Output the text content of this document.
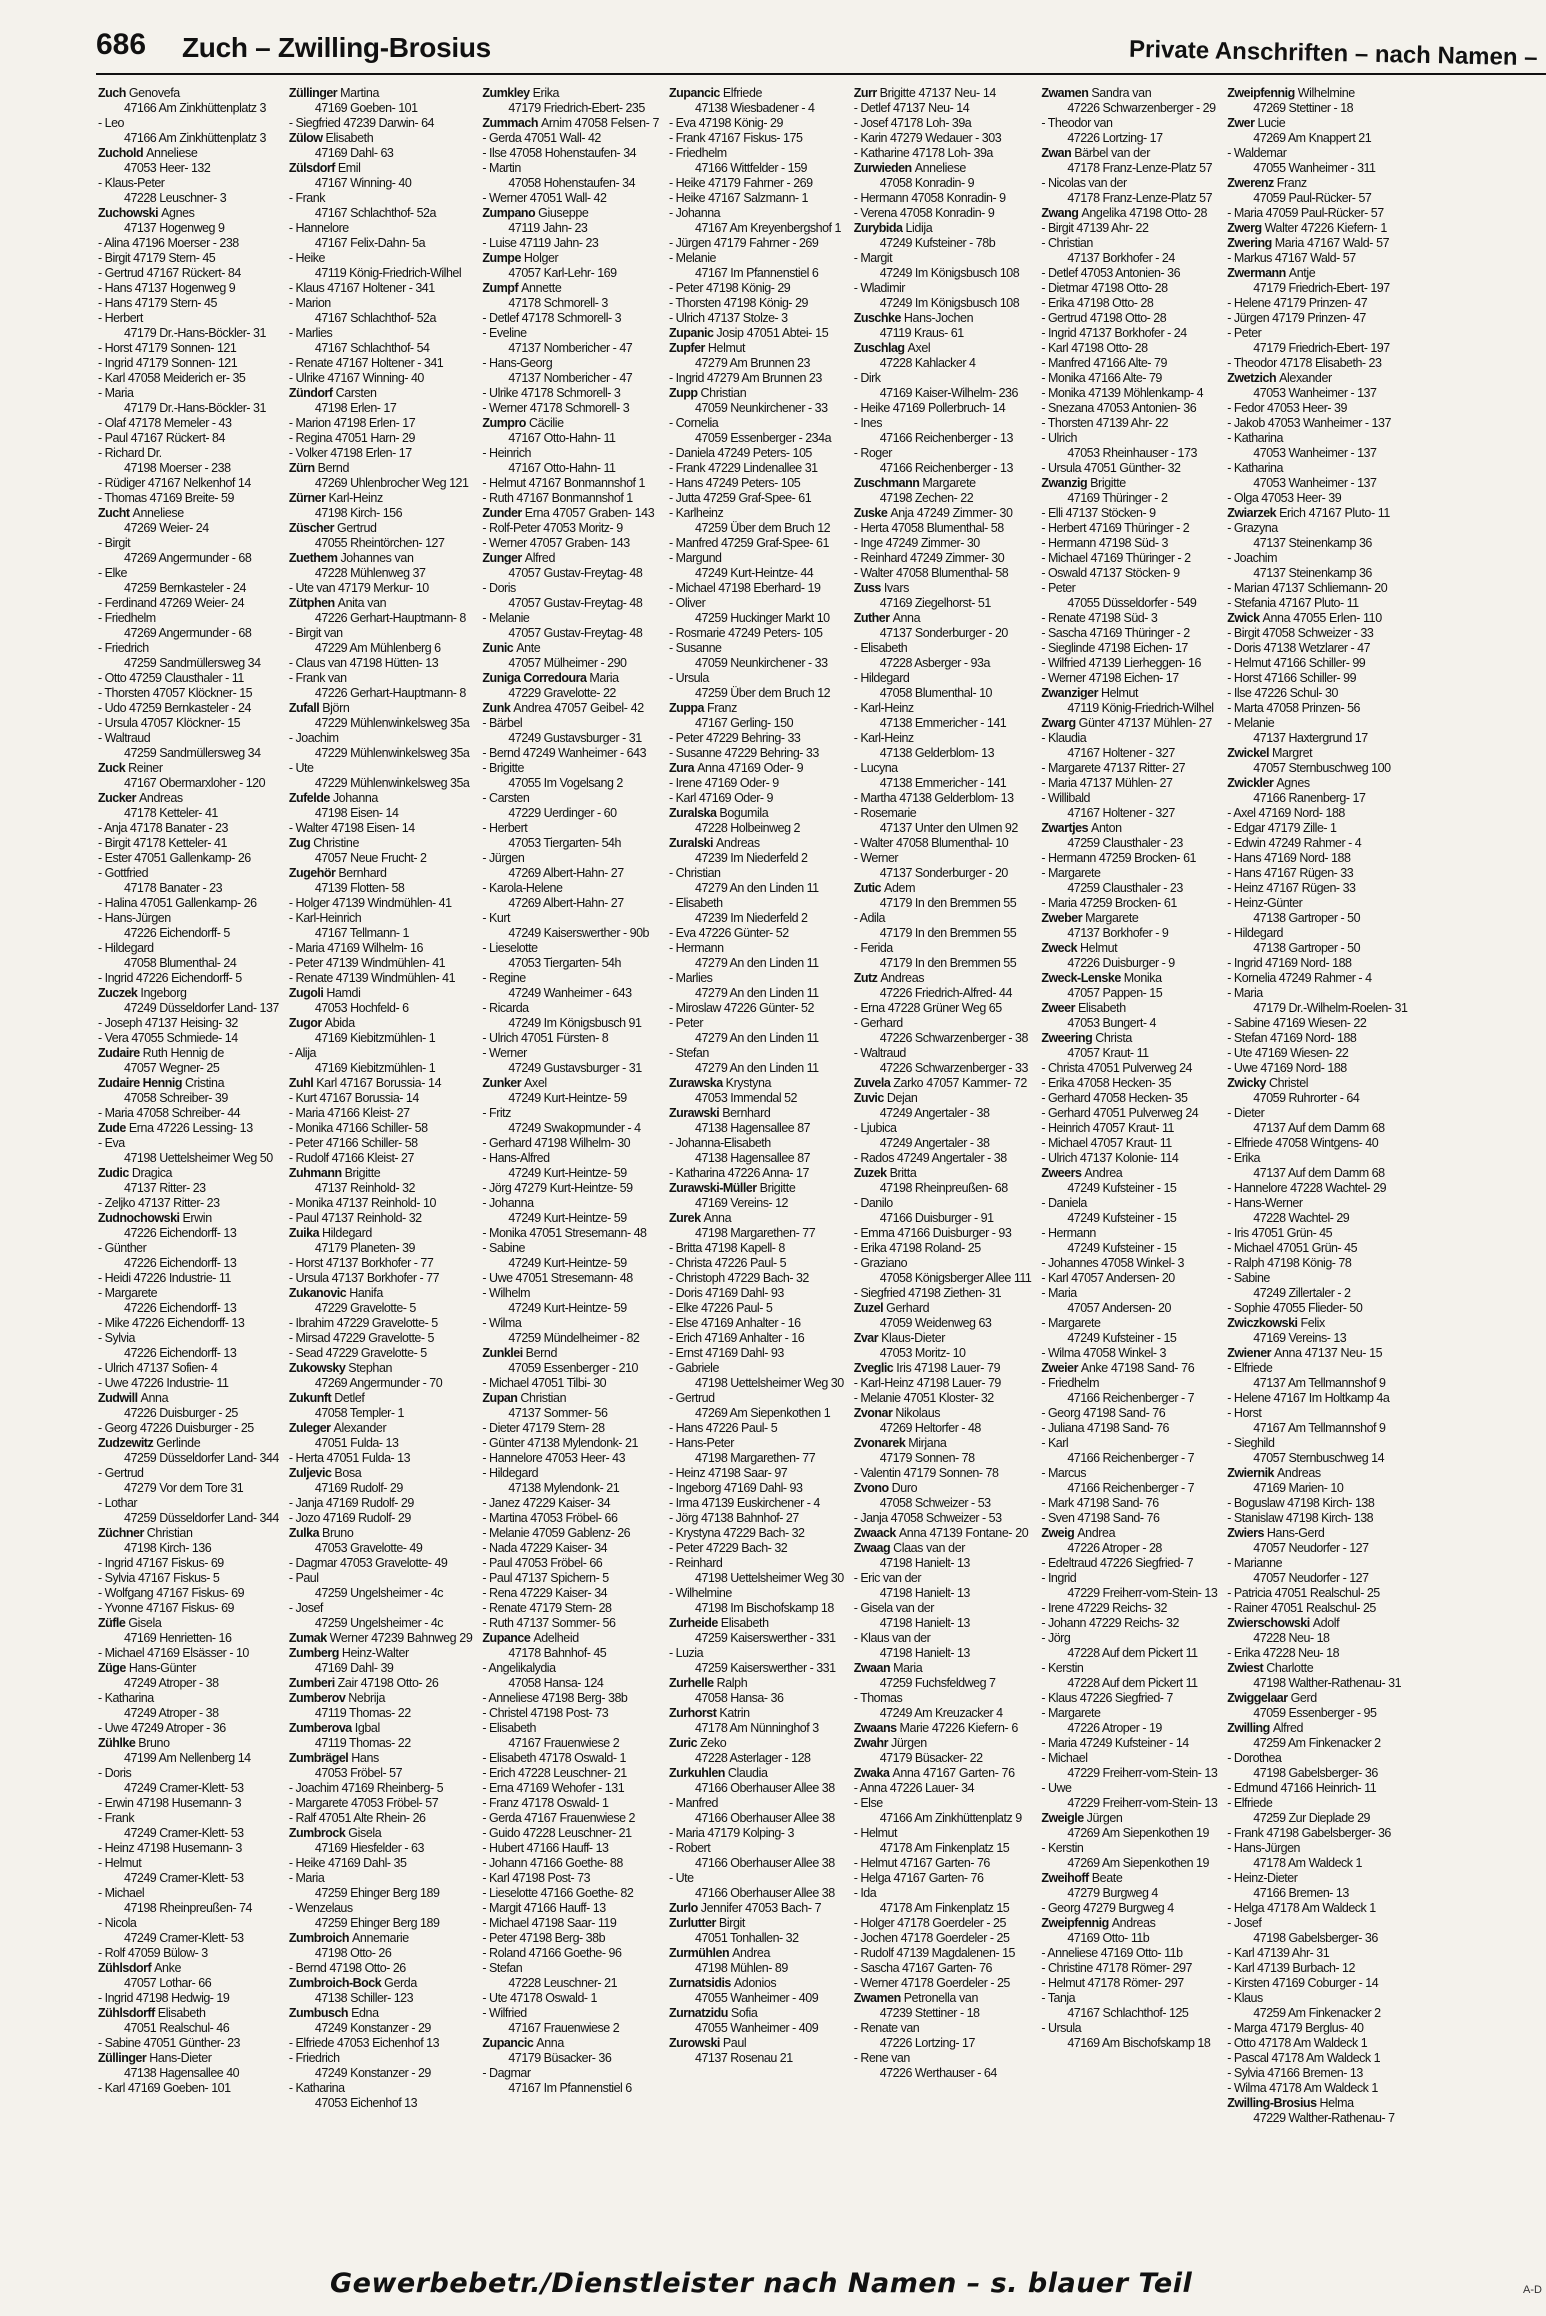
686 Zuch – Zwilling-Brosius	Private Anschriften – nach Namen –
Zuch Genovefa
47166 Am Zinkhüttenplatz 3
- Leo
47166 Am Zinkhüttenplatz 3
Zuchold Anneliese
47053 Heer- 132
- Klaus-Peter
47228 Leuschner- 3
Zuchowski Agnes
47137 Hogenweg 9
- Alina 47196 Moerser - 238
- Birgit 47179 Stern- 45
- Gertrud 47167 Rückert- 84
- Hans 47137 Hogenweg 9
- Hans 47179 Stern- 45
- Herbert
47179 Dr.-Hans-Böckler- 31
- Horst 47179 Sonnen- 121
- Ingrid 47179 Sonnen- 121
- Karl 47058 Meiderich er- 35
- Maria
47179 Dr.-Hans-Böckler- 31
- Olaf 47178 Memeler - 43
- Paul 47167 Rückert- 84
- Richard Dr.
47198 Moerser - 238
- Rüdiger 47167 Nelkenhof 14
- Thomas 47169 Breite- 59
Zucht Anneliese
47269 Weier- 24
- Birgit
47269 Angermunder - 68
- Elke
47259 Bernkasteler - 24
- Ferdinand 47269 Weier- 24
- Friedhelm
47269 Angermunder - 68
- Friedrich
47259 Sandmüllersweg 34
- Otto 47259 Clausthaler - 11
- Thorsten 47057 Klöckner- 15
- Udo 47259 Bernkasteler - 24
- Ursula 47057 Klöckner- 15
- Waltraud
47259 Sandmüllersweg 34
Zuck Reiner
47167 Obermarxloher - 120
Zucker Andreas
47178 Ketteler- 41
- Anja 47178 Banater - 23
- Birgit 47178 Ketteler- 41
- Ester 47051 Gallenkamp- 26
- Gottfried
47178 Banater - 23
- Halina 47051 Gallenkamp- 26
- Hans-Jürgen
47226 Eichendorff- 5
- Hildegard
47058 Blumenthal- 24
- Ingrid 47226 Eichendorff- 5
Zuczek Ingeborg
47249 Düsseldorfer Land- 137
- Joseph 47137 Heising- 32
- Vera 47055 Schmiede- 14
Zudaire Ruth Hennig de
47057 Wegner- 25
Zudaire Hennig Cristina
47058 Schreiber- 39
- Maria 47058 Schreiber- 44
Zude Erna 47226 Lessing- 13
- Eva
47198 Uettelsheimer Weg 50
Zudic Dragica
47137 Ritter- 23
- Zeljko 47137 Ritter- 23
Zudnochowski Erwin
47226 Eichendorff- 13
- Günther
47226 Eichendorff- 13
- Heidi 47226 Industrie- 11
- Margarete
47226 Eichendorff- 13
- Mike 47226 Eichendorff- 13
- Sylvia
47226 Eichendorff- 13
- Ulrich 47137 Sofien- 4
- Uwe 47226 Industrie- 11
Zudwill Anna
47226 Duisburger - 25
- Georg 47226 Duisburger - 25
Zudzewitz Gerlinde
47259 Düsseldorfer Land- 344
- Gertrud
47279 Vor dem Tore 31
- Lothar
47259 Düsseldorfer Land- 344
Züchner Christian
47198 Kirch- 136
- Ingrid 47167 Fiskus- 69
- Sylvia 47167 Fiskus- 5
- Wolfgang 47167 Fiskus- 69
- Yvonne 47167 Fiskus- 69
Züfle Gisela
47169 Henrietten- 16
- Michael 47169 Elsässer - 10
Züge Hans-Günter
47249 Atroper - 38
- Katharina
47249 Atroper - 38
- Uwe 47249 Atroper - 36
Zühlke Bruno
47199 Am Nellenberg 14
- Doris
47249 Cramer-Klett- 53
- Erwin 47198 Husemann- 3
- Frank
47249 Cramer-Klett- 53
- Heinz 47198 Husemann- 3
- Helmut
47249 Cramer-Klett- 53
- Michael
47198 Rheinpreußen- 74
- Nicola
47249 Cramer-Klett- 53
- Rolf 47059 Bülow- 3
Zühlsdorf Anke
47057 Lothar- 66
- Ingrid 47198 Hedwig- 19
Zühlsdorff Elisabeth
47051 Realschul- 46
- Sabine 47051 Günther- 23
Züllinger Hans-Dieter
47138 Hagensallee 40
- Karl 47169 Goeben- 101
Züllinger Martina
47169 Goeben- 101
- Siegfried 47239 Darwin- 64
Zülow Elisabeth
47169 Dahl- 63
Zülsdorf Emil
47167 Winning- 40
- Frank
47167 Schlachthof- 52a
- Hannelore
47167 Felix-Dahn- 5a
- Heike
47119 König-Friedrich-Wilhel
- Klaus 47167 Holtener - 341
- Marion
47167 Schlachthof- 52a
- Marlies
47167 Schlachthof- 54
- Renate 47167 Holtener - 341
- Ulrike 47167 Winning- 40
Zündorf Carsten
47198 Erlen- 17
- Marion 47198 Erlen- 17
- Regina 47051 Harn- 29
- Volker 47198 Erlen- 17
Zürn Bernd
47269 Uhlenbrocher Weg 121
Zürner Karl-Heinz
47198 Kirch- 156
Züscher Gertrud
47055 Rheintörchen- 127
Zuethem Johannes van
47228 Mühlenweg 37
- Ute van 47179 Merkur- 10
Zütphen Anita van
47226 Gerhart-Hauptmann- 8
- Birgit van
47229 Am Mühlenberg 6
- Claus van 47198 Hütten- 13
- Frank van
47226 Gerhart-Hauptmann- 8
Zufall Björn
47229 Mühlenwinkelsweg 35a
- Joachim
47229 Mühlenwinkelsweg 35a
- Ute
47229 Mühlenwinkelsweg 35a
Zufelde Johanna
47198 Eisen- 14
- Walter 47198 Eisen- 14
Zug Christine
47057 Neue Frucht- 2
Zugehör Bernhard
47139 Flotten- 58
- Holger 47139 Windmühlen- 41
- Karl-Heinrich
47167 Tellmann- 1
- Maria 47169 Wilhelm- 16
- Peter 47139 Windmühlen- 41
- Renate 47139 Windmühlen- 41
Zugoli Hamdi
47053 Hochfeld- 6
Zugor Abida
47169 Kiebitzmühlen- 1
- Alija
47169 Kiebitzmühlen- 1
Zuhl Karl 47167 Borussia- 14
- Kurt 47167 Borussia- 14
- Maria 47166 Kleist- 27
- Monika 47166 Schiller- 58
- Peter 47166 Schiller- 58
- Rudolf 47166 Kleist- 27
Zuhmann Brigitte
47137 Reinhold- 32
- Monika 47137 Reinhold- 10
- Paul 47137 Reinhold- 32
Zuika Hildegard
47179 Planeten- 39
- Horst 47137 Borkhofer - 77
- Ursula 47137 Borkhofer - 77
Zukanovic Hanifa
47229 Gravelotte- 5
- Ibrahim 47229 Gravelotte- 5
- Mirsad 47229 Gravelotte- 5
- Sead 47229 Gravelotte- 5
Zukowsky Stephan
47269 Angermunder - 70
Zukunft Detlef
47058 Templer- 1
Zuleger Alexander
47051 Fulda- 13
- Herta 47051 Fulda- 13
Zuljevic Bosa
47169 Rudolf- 29
- Janja 47169 Rudolf- 29
- Jozo 47169 Rudolf- 29
Zulka Bruno
47053 Gravelotte- 49
- Dagmar 47053 Gravelotte- 49
- Paul
47259 Ungelsheimer - 4c
- Josef
47259 Ungelsheimer - 4c
Zumak Werner 47239 Bahnweg 29
Zumberg Heinz-Walter
47169 Dahl- 39
Zumberi Zair 47198 Otto- 26
Zumberov Nebrija
47119 Thomas- 22
Zumberova Igbal
47119 Thomas- 22
Zumbrägel Hans
47053 Fröbel- 57
- Joachim 47169 Rheinberg- 5
- Margarete 47053 Fröbel- 57
- Ralf 47051 Alte Rhein- 26
Zumbrock Gisela
47169 Hiesfelder - 63
- Heike 47169 Dahl- 35
- Maria
47259 Ehinger Berg 189
- Wenzelaus
47259 Ehinger Berg 189
Zumbroich Annemarie
47198 Otto- 26
- Bernd 47198 Otto- 26
Zumbroich-Bock Gerda
47138 Schiller- 123
Zumbusch Edna
47249 Konstanzer - 29
- Elfriede 47053 Eichenhof 13
- Friedrich
47249 Konstanzer - 29
- Katharina
47053 Eichenhof 13
Zumkley Erika
47179 Friedrich-Ebert- 235
Zummach Arnim 47058 Felsen- 7
- Gerda 47051 Wall- 42
- Ilse 47058 Hohenstaufen- 34
- Martin
47058 Hohenstaufen- 34
- Werner 47051 Wall- 42
Zumpano Giuseppe
47119 Jahn- 23
- Luise 47119 Jahn- 23
Zumpe Holger
47057 Karl-Lehr- 169
Zumpf Annette
47178 Schmorell- 3
- Detlef 47178 Schmorell- 3
- Eveline
47137 Nombericher - 47
- Hans-Georg
47137 Nombericher - 47
- Ulrike 47178 Schmorell- 3
- Werner 47178 Schmorell- 3
Zumpro Cäcilie
47167 Otto-Hahn- 11
- Heinrich
47167 Otto-Hahn- 11
- Helmut 47167 Bonmannshof 1
- Ruth 47167 Bonmannshof 1
Zunder Erna 47057 Graben- 143
- Rolf-Peter 47053 Moritz- 9
- Werner 47057 Graben- 143
Zunger Alfred
47057 Gustav-Freytag- 48
- Doris
47057 Gustav-Freytag- 48
- Melanie
47057 Gustav-Freytag- 48
Zunic Ante
47057 Mülheimer - 290
Zuniga Corredoura Maria
47229 Gravelotte- 22
Zunk Andrea 47057 Geibel- 42
- Bärbel
47249 Gustavsburger - 31
- Bernd 47249 Wanheimer - 643
- Brigitte
47055 Im Vogelsang 2
- Carsten
47229 Uerdinger - 60
- Herbert
47053 Tiergarten- 54h
- Jürgen
47269 Albert-Hahn- 27
- Karola-Helene
47269 Albert-Hahn- 27
- Kurt
47249 Kaiserswerther - 90b
- Lieselotte
47053 Tiergarten- 54h
- Regine
47249 Wanheimer - 643
- Ricarda
47249 Im Königsbusch 91
- Ulrich 47051 Fürsten- 8
- Werner
47249 Gustavsburger - 31
Zunker Axel
47249 Kurt-Heintze- 59
- Fritz
47249 Swakopmunder - 4
- Gerhard 47198 Wilhelm- 30
- Hans-Alfred
47249 Kurt-Heintze- 59
- Jörg 47279 Kurt-Heintze- 59
- Johanna
47249 Kurt-Heintze- 59
- Monika 47051 Stresemann- 48
- Sabine
47249 Kurt-Heintze- 59
- Uwe 47051 Stresemann- 48
- Wilhelm
47249 Kurt-Heintze- 59
- Wilma
47259 Mündelheimer - 82
Zunklei Bernd
47059 Essenberger - 210
- Michael 47051 Tilbi- 30
Zupan Christian
47137 Sommer- 56
- Dieter 47179 Stern- 28
- Günter 47138 Mylendonk- 21
- Hannelore 47053 Heer- 43
- Hildegard
47138 Mylendonk- 21
- Janez 47229 Kaiser- 34
- Martina 47053 Fröbel- 66
- Melanie 47059 Gablenz- 26
- Nada 47229 Kaiser- 34
- Paul 47053 Fröbel- 66
- Paul 47137 Spichern- 5
- Rena 47229 Kaiser- 34
- Renate 47179 Stern- 28
- Ruth 47137 Sommer- 56
Zupance Adelheid
47178 Bahnhof- 45
- Angelikalydia
47058 Hansa- 124
- Anneliese 47198 Berg- 38b
- Christel 47198 Post- 73
- Elisabeth
47167 Frauenwiese 2
- Elisabeth 47178 Oswald- 1
- Erich 47228 Leuschner- 21
- Erna 47169 Wehofer - 131
- Franz 47178 Oswald- 1
- Gerda 47167 Frauenwiese 2
- Guido 47228 Leuschner- 21
- Hubert 47166 Hauff- 13
- Johann 47166 Goethe- 88
- Karl 47198 Post- 73
- Lieselotte 47166 Goethe- 82
- Margit 47166 Hauff- 13
- Michael 47198 Saar- 119
- Peter 47198 Berg- 38b
- Roland 47166 Goethe- 96
- Stefan
47228 Leuschner- 21
- Ute 47178 Oswald- 1
- Wilfried
47167 Frauenwiese 2
Zupancic Anna
47179 Büsacker- 36
- Dagmar
47167 Im Pfannenstiel 6
Zupancic Elfriede
47138 Wiesbadener - 4
- Eva 47198 König- 29
- Frank 47167 Fiskus- 175
- Friedhelm
47166 Wittfelder - 159
- Heike 47179 Fahrner - 269
- Heike 47167 Salzmann- 1
- Johanna
47167 Am Kreyenbergshof 1
- Jürgen 47179 Fahrner - 269
- Melanie
47167 Im Pfannenstiel 6
- Peter 47198 König- 29
- Thorsten 47198 König- 29
- Ulrich 47137 Stolze- 3
Zupanic Josip 47051 Abtei- 15
Zupfer Helmut
47279 Am Brunnen 23
- Ingrid 47279 Am Brunnen 23
Zupp Christian
47059 Neunkirchener - 33
- Cornelia
47059 Essenberger - 234a
- Daniela 47249 Peters- 105
- Frank 47229 Lindenallee 31
- Hans 47249 Peters- 105
- Jutta 47259 Graf-Spee- 61
- Karlheinz
47259 Über dem Bruch 12
- Manfred 47259 Graf-Spee- 61
- Margund
47249 Kurt-Heintze- 44
- Michael 47198 Eberhard- 19
- Oliver
47259 Huckinger Markt 10
- Rosmarie 47249 Peters- 105
- Susanne
47059 Neunkirchener - 33
- Ursula
47259 Über dem Bruch 12
Zuppa Franz
47167 Gerling- 150
- Peter 47229 Behring- 33
- Susanne 47229 Behring- 33
Zura Anna 47169 Oder- 9
- Irene 47169 Oder- 9
- Karl 47169 Oder- 9
Zuralska Bogumila
47228 Holbeinweg 2
Zuralski Andreas
47239 Im Niederfeld 2
- Christian
47279 An den Linden 11
- Elisabeth
47239 Im Niederfeld 2
- Eva 47226 Günter- 52
- Hermann
47279 An den Linden 11
- Marlies
47279 An den Linden 11
- Miroslaw 47226 Günter- 52
- Peter
47279 An den Linden 11
- Stefan
47279 An den Linden 11
Zurawska Krystyna
47053 Immendal 52
Zurawski Bernhard
47138 Hagensallee 87
- Johanna-Elisabeth
47138 Hagensallee 87
- Katharina 47226 Anna- 17
Zurawski-Müller Brigitte
47169 Vereins- 12
Zurek Anna
47198 Margarethen- 77
- Britta 47198 Kapell- 8
- Christa 47226 Paul- 5
- Christoph 47229 Bach- 32
- Doris 47169 Dahl- 93
- Elke 47226 Paul- 5
- Else 47169 Anhalter - 16
- Erich 47169 Anhalter - 16
- Ernst 47169 Dahl- 93
- Gabriele
47198 Uettelsheimer Weg 30
- Gertrud
47269 Am Siepenkothen 1
- Hans 47226 Paul- 5
- Hans-Peter
47198 Margarethen- 77
- Heinz 47198 Saar- 97
- Ingeborg 47169 Dahl- 93
- Irma 47139 Euskirchener - 4
- Jörg 47138 Bahnhof- 27
- Krystyna 47229 Bach- 32
- Peter 47229 Bach- 32
- Reinhard
47198 Uettelsheimer Weg 30
- Wilhelmine
47198 Im Bischofskamp 18
Zurheide Elisabeth
47259 Kaiserswerther - 331
- Luzia
47259 Kaiserswerther - 331
Zurhelle Ralph
47058 Hansa- 36
Zurhorst Katrin
47178 Am Nünninghof 3
Zuric Zeko
47228 Asterlager - 128
Zurkuhlen Claudia
47166 Oberhauser Allee 38
- Manfred
47166 Oberhauser Allee 38
- Maria 47179 Kolping- 3
- Robert
47166 Oberhauser Allee 38
- Ute
47166 Oberhauser Allee 38
Zurlo Jennifer 47053 Bach- 7
Zurlutter Birgit
47051 Tonhallen- 32
Zurmühlen Andrea
47198 Mühlen- 89
Zurnatsidis Adonios
47055 Wanheimer - 409
Zurnatzidu Sofia
47055 Wanheimer - 409
Zurowski Paul
47137 Rosenau 21
Zurr Brigitte 47137 Neu- 14
- Detlef 47137 Neu- 14
- Josef 47178 Loh- 39a
- Karin 47279 Wedauer - 303
- Katharine 47178 Loh- 39a
Zurwieden Anneliese
47058 Konradin- 9
- Hermann 47058 Konradin- 9
- Verena 47058 Konradin- 9
Zurybida Lidija
47249 Kufsteiner - 78b
- Margit
47249 Im Königsbusch 108
- Wladimir
47249 Im Königsbusch 108
Zuschke Hans-Jochen
47119 Kraus- 61
Zuschlag Axel
47228 Kahlacker 4
- Dirk
47169 Kaiser-Wilhelm- 236
- Heike 47169 Pollerbruch- 14
- Ines
47166 Reichenberger - 13
- Roger
47166 Reichenberger - 13
Zuschmann Margarete
47198 Zechen- 22
Zuske Anja 47249 Zimmer- 30
- Herta 47058 Blumenthal- 58
- Inge 47249 Zimmer- 30
- Reinhard 47249 Zimmer- 30
- Walter 47058 Blumenthal- 58
Zuss Ivars
47169 Ziegelhorst- 51
Zuther Anna
47137 Sonderburger - 20
- Elisabeth
47228 Asberger - 93a
- Hildegard
47058 Blumenthal- 10
- Karl-Heinz
47138 Emmericher - 141
- Karl-Heinz
47138 Gelderblom- 13
- Lucyna
47138 Emmericher - 141
- Martha 47138 Gelderblom- 13
- Rosemarie
47137 Unter den Ulmen 92
- Walter 47058 Blumenthal- 10
- Werner
47137 Sonderburger - 20
Zutic Adem
47179 In den Bremmen 55
- Adila
47179 In den Bremmen 55
- Ferida
47179 In den Bremmen 55
Zutz Andreas
47226 Friedrich-Alfred- 44
- Erna 47228 Grüner Weg 65
- Gerhard
47226 Schwarzenberger - 38
- Waltraud
47226 Schwarzenberger - 33
Zuvela Zarko 47057 Kammer- 72
Zuvic Dejan
47249 Angertaler - 38
- Ljubica
47249 Angertaler - 38
- Rados 47249 Angertaler - 38
Zuzek Britta
47198 Rheinpreußen- 68
- Danilo
47166 Duisburger - 91
- Emma 47166 Duisburger - 93
- Erika 47198 Roland- 25
- Graziano
47058 Königsberger Allee 111
- Siegfried 47198 Ziethen- 31
Zuzel Gerhard
47059 Weidenweg 63
Zvar Klaus-Dieter
47053 Moritz- 10
Zveglic Iris 47198 Lauer- 79
- Karl-Heinz 47198 Lauer- 79
- Melanie 47051 Kloster- 32
Zvonar Nikolaus
47269 Heltorfer - 48
Zvonarek Mirjana
47179 Sonnen- 78
- Valentin 47179 Sonnen- 78
Zvono Duro
47058 Schweizer - 53
- Janja 47058 Schweizer - 53
Zwaack Anna 47139 Fontane- 20
Zwaag Claas van der
47198 Hanielt- 13
- Eric van der
47198 Hanielt- 13
- Gisela van der
47198 Hanielt- 13
- Klaus van der
47198 Hanielt- 13
Zwaan Maria
47259 Fuchsfeldweg 7
- Thomas
47249 Am Kreuzacker 4
Zwaans Marie 47226 Kiefern- 6
Zwahr Jürgen
47179 Büsacker- 22
Zwaka Anna 47167 Garten- 76
- Anna 47226 Lauer- 34
- Else
47166 Am Zinkhüttenplatz 9
- Helmut
47178 Am Finkenplatz 15
- Helmut 47167 Garten- 76
- Helga 47167 Garten- 76
- Ida
47178 Am Finkenplatz 15
- Holger 47178 Goerdeler - 25
- Jochen 47178 Goerdeler - 25
- Rudolf 47139 Magdalenen- 15
- Sascha 47167 Garten- 76
- Werner 47178 Goerdeler - 25
Zwamen Petronella van
47239 Stettiner - 18
- Renate van
47226 Lortzing- 17
- Rene van
47226 Werthauser - 64
Zwamen Sandra van
47226 Schwarzenberger - 29
- Theodor van
47226 Lortzing- 17
Zwan Bärbel van der
47178 Franz-Lenze-Platz 57
- Nicolas van der
47178 Franz-Lenze-Platz 57
Zwang Angelika 47198 Otto- 28
- Birgit 47139 Ahr- 22
- Christian
47137 Borkhofer - 24
- Detlef 47053 Antonien- 36
- Dietmar 47198 Otto- 28
- Erika 47198 Otto- 28
- Gertrud 47198 Otto- 28
- Ingrid 47137 Borkhofer - 24
- Karl 47198 Otto- 28
- Manfred 47166 Alte- 79
- Monika 47166 Alte- 79
- Monika 47139 Möhlenkamp- 4
- Snezana 47053 Antonien- 36
- Thorsten 47139 Ahr- 22
- Ulrich
47053 Rheinhauser - 173
- Ursula 47051 Günther- 32
Zwanzig Brigitte
47169 Thüringer - 2
- Elli 47137 Stöcken- 9
- Herbert 47169 Thüringer - 2
- Hermann 47198 Süd- 3
- Michael 47169 Thüringer - 2
- Oswald 47137 Stöcken- 9
- Peter
47055 Düsseldorfer - 549
- Renate 47198 Süd- 3
- Sascha 47169 Thüringer - 2
- Sieglinde 47198 Eichen- 17
- Wilfried 47139 Lierheggen- 16
- Werner 47198 Eichen- 17
Zwanziger Helmut
47119 König-Friedrich-Wilhel
Zwarg Günter 47137 Mühlen- 27
- Klaudia
47167 Holtener - 327
- Margarete 47137 Ritter- 27
- Maria 47137 Mühlen- 27
- Willibald
47167 Holtener - 327
Zwartjes Anton
47259 Clausthaler - 23
- Hermann 47259 Brocken- 61
- Margarete
47259 Clausthaler - 23
- Maria 47259 Brocken- 61
Zweber Margarete
47137 Borkhofer - 9
Zweck Helmut
47226 Duisburger - 9
Zweck-Lenske Monika
47057 Pappen- 15
Zweer Elisabeth
47053 Bungert- 4
Zweering Christa
47057 Kraut- 11
- Christa 47051 Pulverweg 24
- Erika 47058 Hecken- 35
- Gerhard 47058 Hecken- 35
- Gerhard 47051 Pulverweg 24
- Heinrich 47057 Kraut- 11
- Michael 47057 Kraut- 11
- Ulrich 47137 Kolonie- 114
Zweers Andrea
47249 Kufsteiner - 15
- Daniela
47249 Kufsteiner - 15
- Hermann
47249 Kufsteiner - 15
- Johannes 47058 Winkel- 3
- Karl 47057 Andersen- 20
- Maria
47057 Andersen- 20
- Margarete
47249 Kufsteiner - 15
- Wilma 47058 Winkel- 3
Zweier Anke 47198 Sand- 76
- Friedhelm
47166 Reichenberger - 7
- Georg 47198 Sand- 76
- Juliana 47198 Sand- 76
- Karl
47166 Reichenberger - 7
- Marcus
47166 Reichenberger - 7
- Mark 47198 Sand- 76
- Sven 47198 Sand- 76
Zweig Andrea
47226 Atroper - 28
- Edeltraud 47226 Siegfried- 7
- Ingrid
47229 Freiherr-vom-Stein- 13
- Irene 47229 Reichs- 32
- Johann 47229 Reichs- 32
- Jörg
47228 Auf dem Pickert 11
- Kerstin
47228 Auf dem Pickert 11
- Klaus 47226 Siegfried- 7
- Margarete
47226 Atroper - 19
- Maria 47249 Kufsteiner - 14
- Michael
47229 Freiherr-vom-Stein- 13
- Uwe
47229 Freiherr-vom-Stein- 13
Zweigle Jürgen
47269 Am Siepenkothen 19
- Kerstin
47269 Am Siepenkothen 19
Zweihoff Beate
47279 Burgweg 4
- Georg 47279 Burgweg 4
Zweipfennig Andreas
47169 Otto- 11b
- Anneliese 47169 Otto- 11b
- Christine 47178 Römer- 297
- Helmut 47178 Römer- 297
- Tanja
47167 Schlachthof- 125
- Ursula
47169 Am Bischofskamp 18
Zweipfennig Wilhelmine
47269 Stettiner - 18
Zwer Lucie
47269 Am Knappert 21
- Waldemar
47055 Wanheimer - 311
Zwerenz Franz
47059 Paul-Rücker- 57
- Maria 47059 Paul-Rücker- 57
Zwerg Walter 47226 Kiefern- 1
Zwering Maria 47167 Wald- 57
- Markus 47167 Wald- 57
Zwermann Antje
47179 Friedrich-Ebert- 197
- Helene 47179 Prinzen- 47
- Jürgen 47179 Prinzen- 47
- Peter
47179 Friedrich-Ebert- 197
- Theodor 47178 Elisabeth- 23
Zwetzich Alexander
47053 Wanheimer - 137
- Fedor 47053 Heer- 39
- Jakob 47053 Wanheimer - 137
- Katharina
47053 Wanheimer - 137
- Katharina
47053 Wanheimer - 137
- Olga 47053 Heer- 39
Zwiarzek Erich 47167 Pluto- 11
- Grazyna
47137 Steinenkamp 36
- Joachim
47137 Steinenkamp 36
- Marian 47137 Schliemann- 20
- Stefania 47167 Pluto- 11
Zwick Anna 47055 Erlen- 110
- Birgit 47058 Schweizer - 33
- Doris 47138 Wetzlarer - 47
- Helmut 47166 Schiller- 99
- Horst 47166 Schiller- 99
- Ilse 47226 Schul- 30
- Marta 47058 Prinzen- 56
- Melanie
47137 Haxtergrund 17
Zwickel Margret
47057 Sternbuschweg 100
Zwickler Agnes
47166 Ranenberg- 17
- Axel 47169 Nord- 188
- Edgar 47179 Zille- 1
- Edwin 47249 Rahmer - 4
- Hans 47169 Nord- 188
- Hans 47167 Rügen- 33
- Heinz 47167 Rügen- 33
- Heinz-Günter
47138 Gartroper - 50
- Hildegard
47138 Gartroper - 50
- Ingrid 47169 Nord- 188
- Kornelia 47249 Rahmer - 4
- Maria
47179 Dr.-Wilhelm-Roelen- 31
- Sabine 47169 Wiesen- 22
- Stefan 47169 Nord- 188
- Ute 47169 Wiesen- 22
- Uwe 47169 Nord- 188
Zwicky Christel
47059 Ruhrorter - 64
- Dieter
47137 Auf dem Damm 68
- Elfriede 47058 Wintgens- 40
- Erika
47137 Auf dem Damm 68
- Hannelore 47228 Wachtel- 29
- Hans-Werner
47228 Wachtel- 29
- Iris 47051 Grün- 45
- Michael 47051 Grün- 45
- Ralph 47198 König- 78
- Sabine
47249 Zillertaler - 2
- Sophie 47055 Flieder- 50
Zwiczkowski Felix
47169 Vereins- 13
Zwiener Anna 47137 Neu- 15
- Elfriede
47137 Am Tellmannshof 9
- Helene 47167 Im Holtkamp 4a
- Horst
47167 Am Tellmannshof 9
- Sieghild
47057 Sternbuschweg 14
Zwiernik Andreas
47169 Marien- 10
- Boguslaw 47198 Kirch- 138
- Stanislaw 47198 Kirch- 138
Zwiers Hans-Gerd
47057 Neudorfer - 127
- Marianne
47057 Neudorfer - 127
- Patricia 47051 Realschul- 25
- Rainer 47051 Realschul- 25
Zwierschowski Adolf
47228 Neu- 18
- Erika 47228 Neu- 18
Zwiest Charlotte
47198 Walther-Rathenau- 31
Zwiggelaar Gerd
47059 Essenberger - 95
Zwilling Alfred
47259 Am Finkenacker 2
- Dorothea
47198 Gabelsberger- 36
- Edmund 47166 Heinrich- 11
- Elfriede
47259 Zur Dieplade 29
- Frank 47198 Gabelsberger- 36
- Hans-Jürgen
47178 Am Waldeck 1
- Heinz-Dieter
47166 Bremen- 13
- Helga 47178 Am Waldeck 1
- Josef
47198 Gabelsberger- 36
- Karl 47139 Ahr- 31
- Karl 47139 Burbach- 12
- Kirsten 47169 Coburger - 14
- Klaus
47259 Am Finkenacker 2
- Marga 47179 Berglus- 40
- Otto 47178 Am Waldeck 1
- Pascal 47178 Am Waldeck 1
- Sylvia 47166 Bremen- 13
- Wilma 47178 Am Waldeck 1
Zwilling-Brosius Helma
47229 Walther-Rathenau- 7
Gewerbebetr./Dienstleister nach Namen – s. blauer Teil	A-D
